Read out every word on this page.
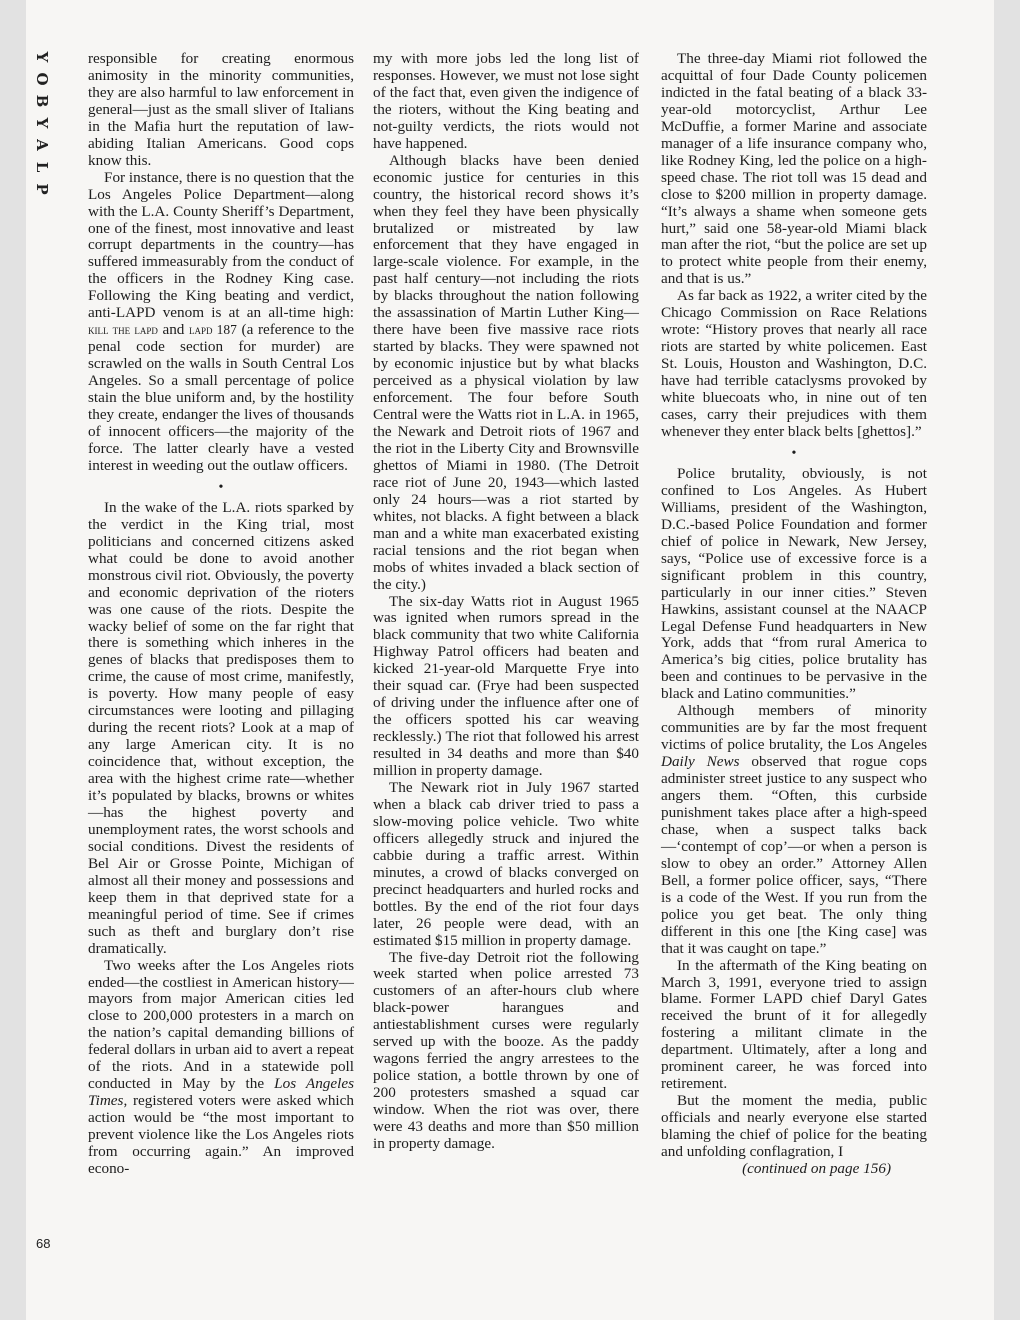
Y
O
B
Y
A
L
P
68

responsible for creating enormous animosity in the minority communities, they are also harmful to law enforcement in general—just as the small sliver of Italians in the Mafia hurt the reputation of law-abiding Italian Americans. Good cops know this.

For instance, there is no question that the Los Angeles Police Department—along with the L.A. County Sheriff’s Department, one of the finest, most innovative and least corrupt departments in the country—has suffered immeasurably from the conduct of the officers in the Rodney King case. Following the King beating and verdict, anti-LAPD venom is at an all-time high: kill the lapd and lapd 187 (a reference to the penal code section for murder) are scrawled on the walls in South Central Los Angeles. So a small percentage of police stain the blue uniform and, by the hostility they create, endanger the lives of thousands of innocent officers—the majority of the force. The latter clearly have a vested interest in weeding out the outlaw officers.

•

In the wake of the L.A. riots sparked by the verdict in the King trial, most politicians and concerned citizens asked what could be done to avoid another monstrous civil riot. Obviously, the poverty and economic deprivation of the rioters was one cause of the riots. Despite the wacky belief of some on the far right that there is something which inheres in the genes of blacks that predisposes them to crime, the cause of most crime, manifestly, is poverty. How many people of easy circumstances were looting and pillaging during the recent riots? Look at a map of any large American city. It is no coincidence that, without exception, the area with the highest crime rate—whether it’s populated by blacks, browns or whites—has the highest poverty and unemployment rates, the worst schools and social conditions. Divest the residents of Bel Air or Grosse Pointe, Michigan of almost all their money and possessions and keep them in that deprived state for a meaningful period of time. See if crimes such as theft and burglary don’t rise dramatically.

Two weeks after the Los Angeles riots ended—the costliest in American history—mayors from major American cities led close to 200,000 protesters in a march on the nation’s capital demanding billions of federal dollars in urban aid to avert a repeat of the riots. And in a statewide poll conducted in May by the Los Angeles Times, registered voters were asked which action would be “the most important to prevent violence like the Los Angeles riots from occurring again.” An improved econo-

my with more jobs led the long list of responses. However, we must not lose sight of the fact that, even given the indigence of the rioters, without the King beating and not-guilty verdicts, the riots would not have happened.

Although blacks have been denied economic justice for centuries in this country, the historical record shows it’s when they feel they have been physically brutalized or mistreated by law enforcement that they have engaged in large-scale violence. For example, in the past half century—not including the riots by blacks throughout the nation following the assassination of Martin Luther King—there have been five massive race riots started by blacks. They were spawned not by economic injustice but by what blacks perceived as a physical violation by law enforcement. The four before South Central were the Watts riot in L.A. in 1965, the Newark and Detroit riots of 1967 and the riot in the Liberty City and Brownsville ghettos of Miami in 1980. (The Detroit race riot of June 20, 1943—which lasted only 24 hours—was a riot started by whites, not blacks. A fight between a black man and a white man exacerbated existing racial tensions and the riot began when mobs of whites invaded a black section of the city.)

The six-day Watts riot in August 1965 was ignited when rumors spread in the black community that two white California Highway Patrol officers had beaten and kicked 21-year-old Marquette Frye into their squad car. (Frye had been suspected of driving under the influence after one of the officers spotted his car weaving recklessly.) The riot that followed his arrest resulted in 34 deaths and more than $40 million in property damage.

The Newark riot in July 1967 started when a black cab driver tried to pass a slow-moving police vehicle. Two white officers allegedly struck and injured the cabbie during a traffic arrest. Within minutes, a crowd of blacks converged on precinct headquarters and hurled rocks and bottles. By the end of the riot four days later, 26 people were dead, with an estimated $15 million in property damage.

The five-day Detroit riot the following week started when police arrested 73 customers of an after-hours club where black-power harangues and antiestablishment curses were regularly served up with the booze. As the paddy wagons ferried the angry arrestees to the police station, a bottle thrown by one of 200 protesters smashed a squad car window. When the riot was over, there were 43 deaths and more than $50 million in property damage.

The three-day Miami riot followed the acquittal of four Dade County policemen indicted in the fatal beating of a black 33-year-old motorcyclist, Arthur Lee McDuffie, a former Marine and associate manager of a life insurance company who, like Rodney King, led the police on a high-speed chase. The riot toll was 15 dead and close to $200 million in property damage. “It’s always a shame when someone gets hurt,” said one 58-year-old Miami black man after the riot, “but the police are set up to protect white people from their enemy, and that is us.”

As far back as 1922, a writer cited by the Chicago Commission on Race Relations wrote: “History proves that nearly all race riots are started by white policemen. East St. Louis, Houston and Washington, D.C. have had terrible cataclysms provoked by white bluecoats who, in nine out of ten cases, carry their prejudices with them whenever they enter black belts [ghettos].”

•

Police brutality, obviously, is not confined to Los Angeles. As Hubert Williams, president of the Washington, D.C.-based Police Foundation and former chief of police in Newark, New Jersey, says, “Police use of excessive force is a significant problem in this country, particularly in our inner cities.” Steven Hawkins, assistant counsel at the NAACP Legal Defense Fund headquarters in New York, adds that “from rural America to America’s big cities, police brutality has been and continues to be pervasive in the black and Latino communities.”

Although members of minority communities are by far the most frequent victims of police brutality, the Los Angeles Daily News observed that rogue cops administer street justice to any suspect who angers them. “Often, this curbside punishment takes place after a high-speed chase, when a suspect talks back—‘contempt of cop’—or when a person is slow to obey an order.” Attorney Allen Bell, a former police officer, says, “There is a code of the West. If you run from the police you get beat. The only thing different in this one [the King case] was that it was caught on tape.”

In the aftermath of the King beating on March 3, 1991, everyone tried to assign blame. Former LAPD chief Daryl Gates received the brunt of it for allegedly fostering a militant climate in the department. Ultimately, after a long and prominent career, he was forced into retirement.

But the moment the media, public officials and nearly everyone else started blaming the chief of police for the beating and unfolding conflagration, I

(continued on page 156)
